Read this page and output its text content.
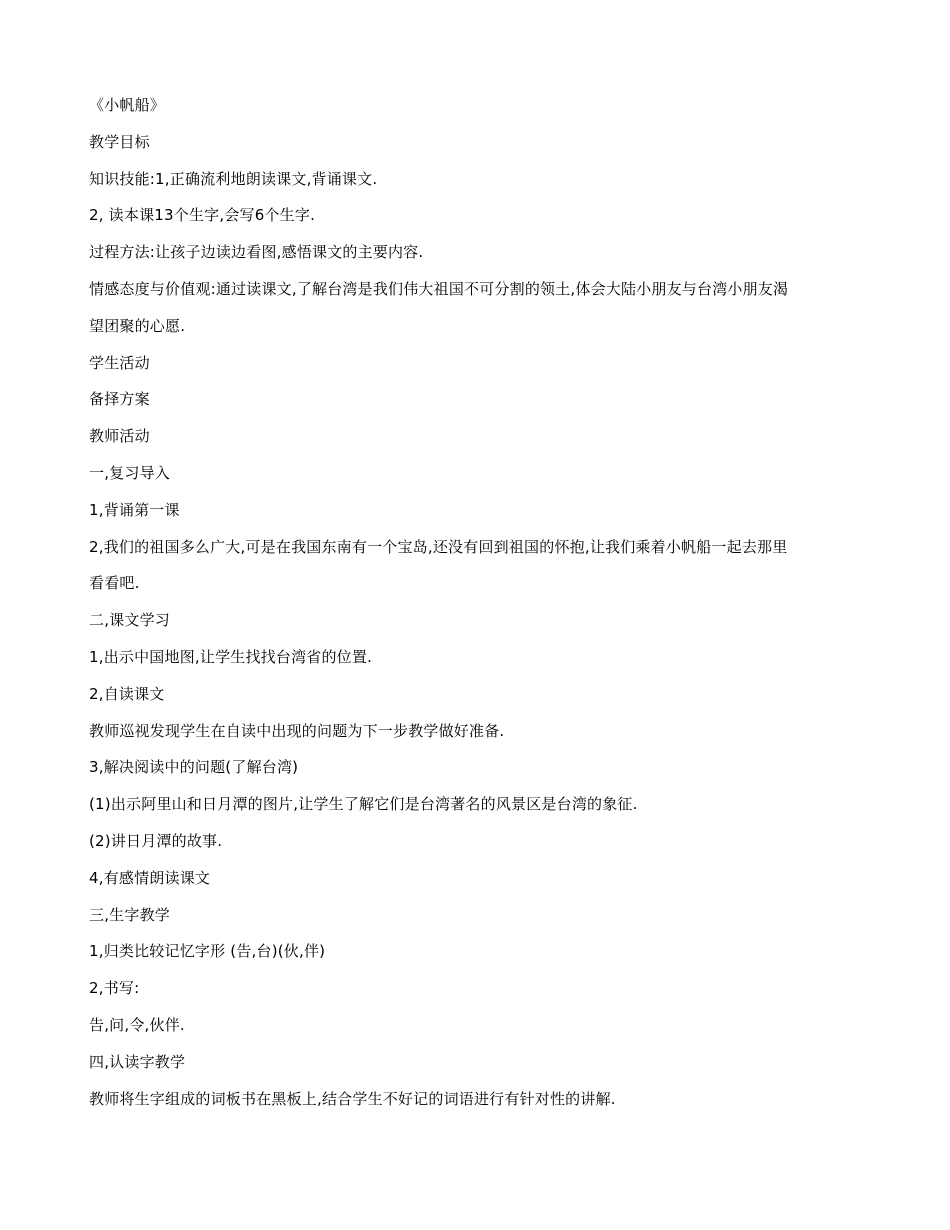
《小帆船》
教学目标
知识技能:1,正确流利地朗读课文,背诵课文.
2, 读本课13个生字,会写6个生字.
过程方法:让孩子边读边看图,感悟课文的主要内容.
情感态度与价值观:通过读课文,了解台湾是我们伟大祖国不可分割的领土,体会大陆小朋友与台湾小朋友渴
望团聚的心愿.
学生活动
备择方案
教师活动
一,复习导入
1,背诵第一课
2,我们的祖国多么广大,可是在我国东南有一个宝岛,还没有回到祖国的怀抱,让我们乘着小帆船一起去那里
看看吧.
二,课文学习
1,出示中国地图,让学生找找台湾省的位置.
2,自读课文
教师巡视发现学生在自读中出现的问题为下一步教学做好准备.
3,解决阅读中的问题(了解台湾)
(1)出示阿里山和日月潭的图片,让学生了解它们是台湾著名的风景区是台湾的象征.
(2)讲日月潭的故事.
4,有感情朗读课文
三,生字教学
1,归类比较记忆字形 (告,台)(伙,伴)
2,书写:
告,问,令,伙伴.
四,认读字教学
教师将生字组成的词板书在黑板上,结合学生不好记的词语进行有针对性的讲解.
